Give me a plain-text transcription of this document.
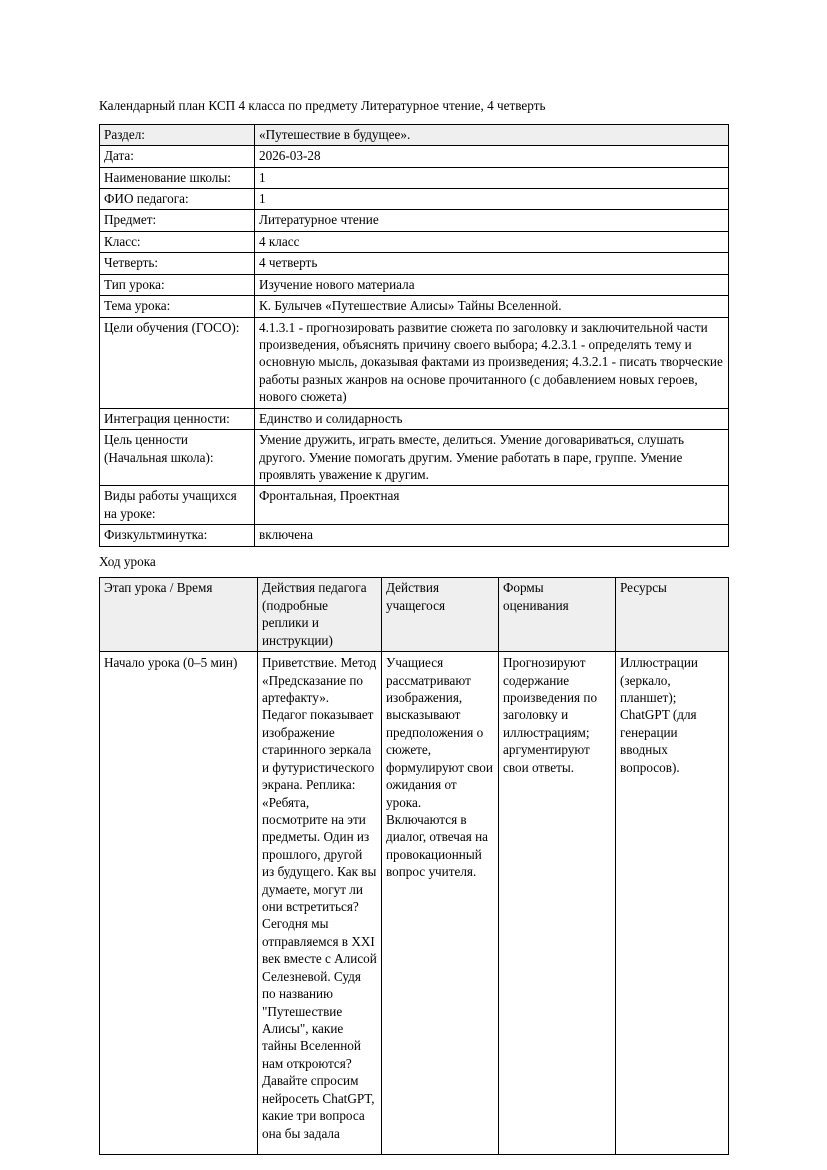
Календарный план КСП 4 класса по предмету Литературное чтение, 4 четверть

Раздел:	«Путешествие в будущее».
Дата:	2026-03-28
Наименование школы:	1
ФИО педагога:	1
Предмет:	Литературное чтение
Класс:	4 класс
Четверть:	4 четверть
Тип урока:	Изучение нового материала
Тема урока:	К. Булычев «Путешествие Алисы» Тайны Вселенной.
Цели обучения (ГОСО):	4.1.3.1 - прогнозировать развитие сюжета по заголовку и заключительной части произведения, объяснять причину своего выбора; 4.2.3.1 - определять тему и основную мысль, доказывая фактами из произведения; 4.3.2.1 - писать творческие работы разных жанров на основе прочитанного (с добавлением новых героев, нового сюжета)
Интеграция ценности:	Единство и солидарность
Цель ценности (Начальная школа):	Умение дружить, играть вместе, делиться. Умение договариваться, слушать другого. Умение помогать другим. Умение работать в паре, группе. Умение проявлять уважение к другим.
Виды работы учащихся на уроке:	Фронтальная, Проектная
Физкультминутка:	включена

Ход урока

Этап урока / Время	Действия педагога (подробные реплики и инструкции)	Действия учащегося	Формы оценивания	Ресурсы

Начало урока (0–5 мин)	Приветствие. Метод «Предсказание по артефакту». Педагог показывает изображение старинного зеркала и футуристического экрана. Реплика: «Ребята, посмотрите на эти предметы. Один из прошлого, другой из будущего. Как вы думаете, могут ли они встретиться? Сегодня мы отправляемся в XXI век вместе с Алисой Селезневой. Судя по названию "Путешествие Алисы", какие тайны Вселенной нам откроются? Давайте спросим нейросеть ChatGPT, какие три вопроса она бы задала	Учащиеся рассматривают изображения, высказывают предположения о сюжете, формулируют свои ожидания от урока. Включаются в диалог, отвечая на провокационный вопрос учителя.	Прогнозируют содержание произведения по заголовку и иллюстрациям; аргументируют свои ответы.	Иллюстрации (зеркало, планшет); ChatGPT (для генерации вводных вопросов).
